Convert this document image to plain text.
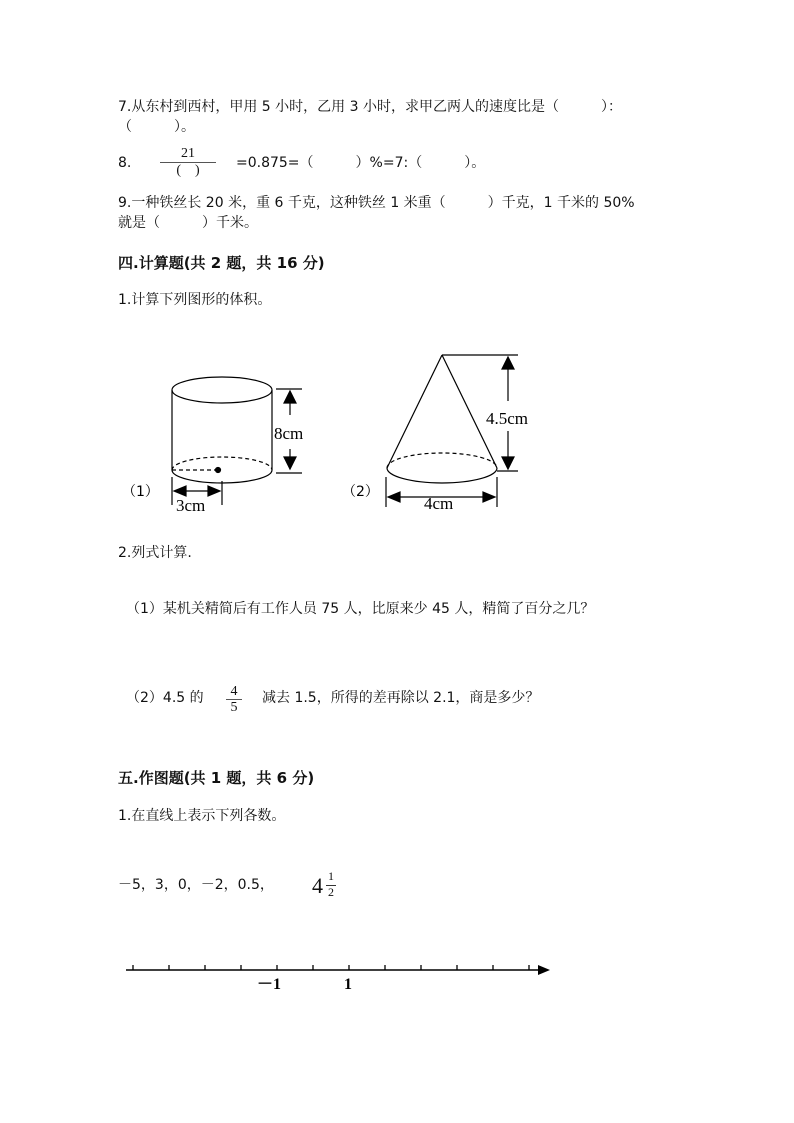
7.从东村到西村，甲用 5 小时，乙用 3 小时，求甲乙两人的速度比是（　　　）：
（　　　）。
8.
21
(　)	=0.875=（　　　）%=7:（　　　）。
9.一种铁丝长 20 米，重 6 千克，这种铁丝 1 米重（　　　）千克，1 千米的 50%
就是（　　　）千米。
四.计算题(共 2 题，共 16 分)
1.计算下列图形的体积。
8cm
3cm
（1）
4.5cm
4cm
（2）
2.列式计算.
（1）某机关精简后有工作人员 75 人，比原来少 45 人，精简了百分之几？
（2）4.5 的	4
5
减去 1.5，所得的差再除以 2.1，商是多少？
五.作图题(共 1 题，共 6 分)
1.在直线上表示下列各数。
－5，3，0，－2，0.5， 4 1
2
－1	1
